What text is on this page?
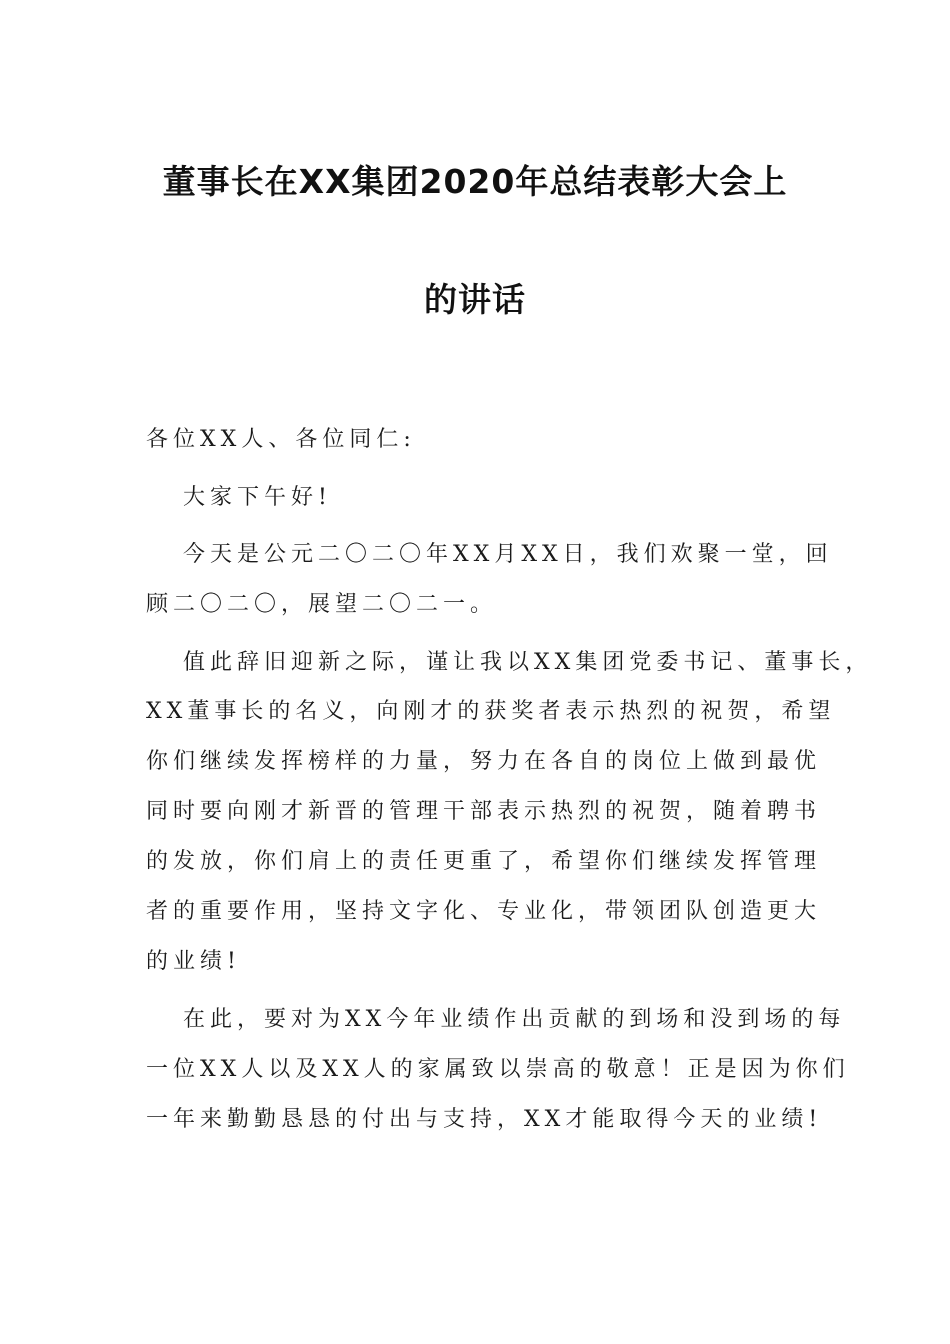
董事长在XX集团2020年总结表彰大会上
的讲话
各位XX人、各位同仁:
大家下午好!
今天是公元二〇二〇年XX月XX日，我们欢聚一堂，回
顾二〇二〇，展望二〇二一。
值此辞旧迎新之际，谨让我以XX集团党委书记、董事长，
XX董事长的名义，向刚才的获奖者表示热烈的祝贺，希望
你们继续发挥榜样的力量，努力在各自的岗位上做到最优
同时要向刚才新晋的管理干部表示热烈的祝贺，随着聘书
的发放，你们肩上的责任更重了，希望你们继续发挥管理
者的重要作用，坚持文字化、专业化，带领团队创造更大
的业绩!
在此，要对为XX今年业绩作出贡献的到场和没到场的每
一位XX人以及XX人的家属致以崇高的敬意！正是因为你们
一年来勤勤恳恳的付出与支持，XX才能取得今天的业绩!
